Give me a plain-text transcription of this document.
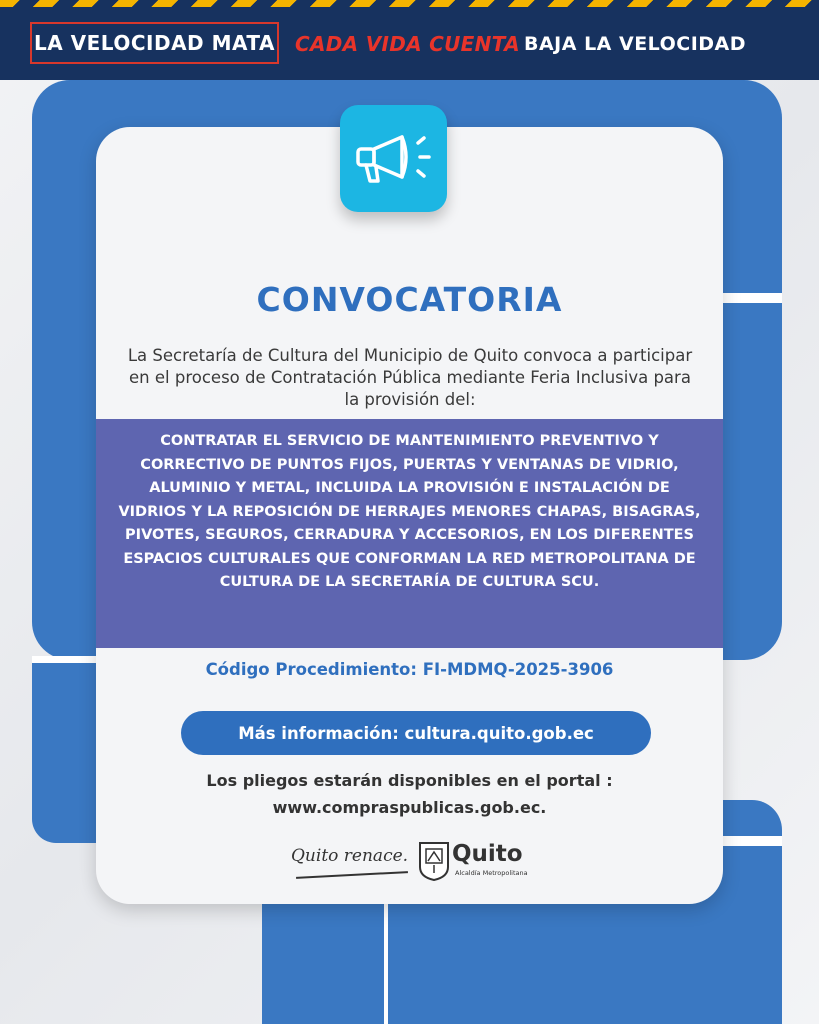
LA VELOCIDAD MATA CADA VIDA CUENTA BAJA LA VELOCIDAD
CONVOCATORIA
La Secretaría de Cultura del Municipio de Quito convoca a participar en el proceso de Contratación Pública mediante Feria Inclusiva para la provisión del:
CONTRATAR EL SERVICIO DE MANTENIMIENTO PREVENTIVO Y CORRECTIVO DE PUNTOS FIJOS, PUERTAS Y VENTANAS DE VIDRIO, ALUMINIO Y METAL, INCLUIDA LA PROVISIÓN E INSTALACIÓN DE VIDRIOS Y LA REPOSICIÓN DE HERRAJES MENORES CHAPAS, BISAGRAS, PIVOTES, SEGUROS, CERRADURA Y ACCESORIOS, EN LOS DIFERENTES ESPACIOS CULTURALES QUE CONFORMAN LA RED METROPOLITANA DE CULTURA DE LA SECRETARÍA DE CULTURA SCU.
Código Procedimiento: FI-MDMQ-2025-3906
Más información: cultura.quito.gob.ec
Los pliegos estarán disponibles en el portal :
www.compraspublicas.gob.ec.
Quito renace. Quito
Alcaldía Metropolitana
